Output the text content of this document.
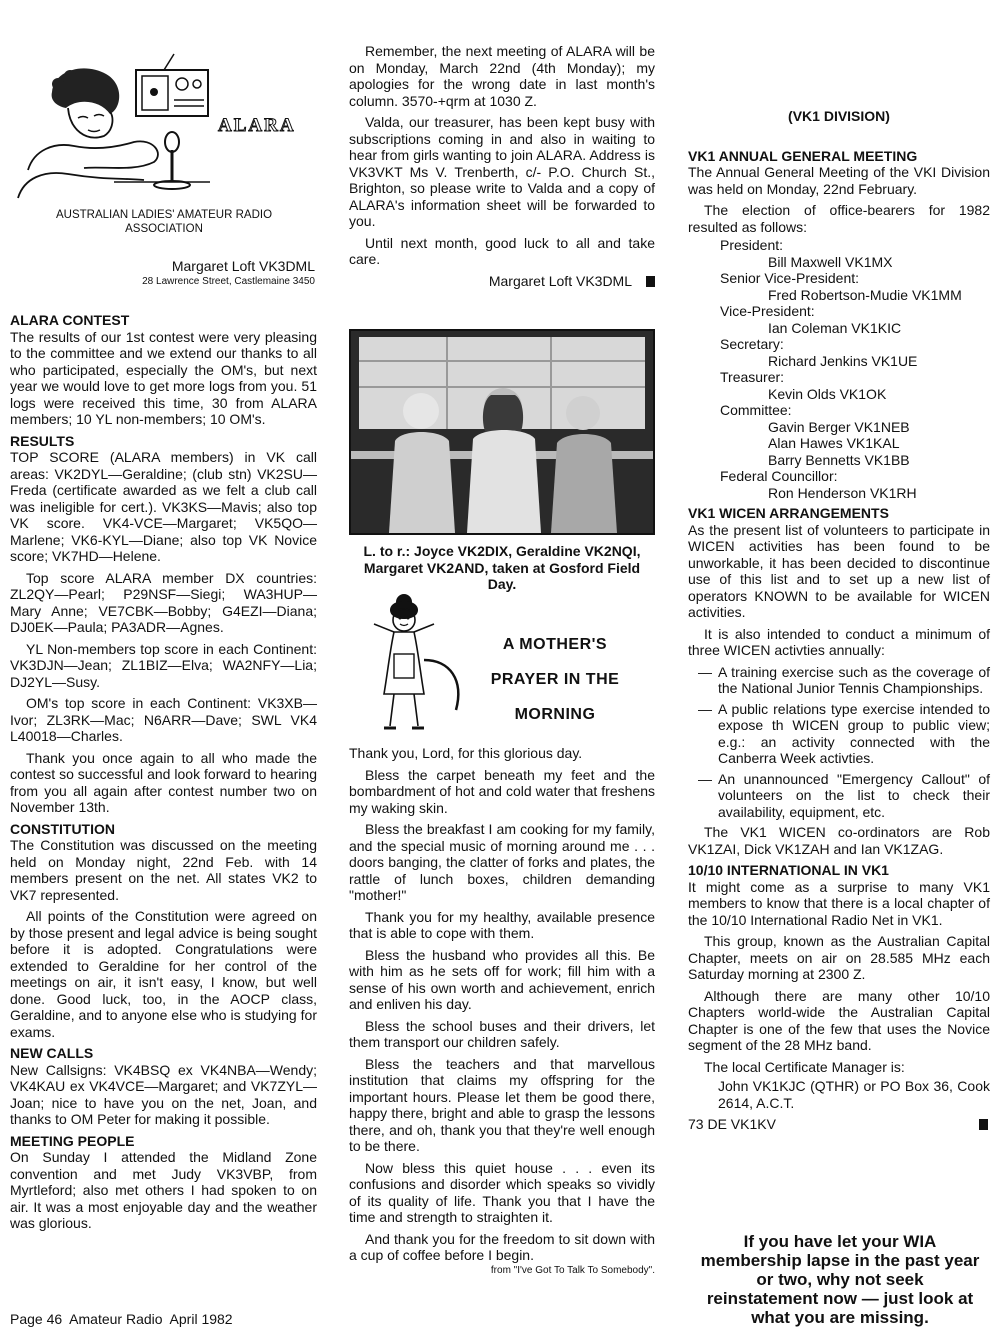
ALARA
AUSTRALIAN LADIES' AMATEUR RADIO ASSOCIATION
Margaret Loft VK3DML
28 Lawrence Street, Castlemaine 3450
ALARA CONTEST

The results of our 1st contest were very pleasing to the committee and we extend our thanks to all who participated, especially the OM's, but next year we would love to get more logs from you. 51 logs were received this time, 30 from ALARA members; 10 YL non-members; 10 OM's.

RESULTS

TOP SCORE (ALARA members) in VK call areas: VK2DYL—Geraldine; (club stn) VK2SU—Freda (certificate awarded as we felt a club call was ineligible for cert.). VK3KS—Mavis; also top VK score. VK4-VCE—Margaret; VK5QO—Marlene; VK6-KYL—Diane; also top VK Novice score; VK7HD—Helene.

Top score ALARA member DX countries: ZL2QY—Pearl; P29NSF—Siegi; WA3HUP—Mary Anne; VE7CBK—Bobby; G4EZI—Diana; DJ0EK—Paula; PA3ADR—Agnes.

YL Non-members top score in each Continent: VK3DJN—Jean; ZL1BIZ—Elva; WA2NFY—Lia; DJ2YL—Susy.

OM's top score in each Continent: VK3XB—Ivor; ZL3RK—Mac; N6ARR—Dave; SWL VK4 L40018—Charles.

Thank you once again to all who made the contest so successful and look forward to hearing from you all again after contest number two on November 13th.

CONSTITUTION

The Constitution was discussed on the meeting held on Monday night, 22nd Feb. with 14 members present on the net. All states VK2 to VK7 represented.

All points of the Constitution were agreed on by those present and legal advice is being sought before it is adopted. Congratulations were extended to Geraldine for her control of the meetings on air, it isn't easy, I know, but well done. Good luck, too, in the AOCP class, Geraldine, and to anyone else who is studying for exams.

NEW CALLS

New Callsigns: VK4BSQ ex VK4NBA—Wendy; VK4KAU ex VK4VCE—Margaret; and VK7ZYL—Joan; nice to have you on the net, Joan, and thanks to OM Peter for making it possible.

MEETING PEOPLE

On Sunday I attended the Midland Zone convention and met Judy VK3VBP, from Myrtleford; also met others I had spoken to on air. It was a most enjoyable day and the weather was glorious.

Remember, the next meeting of ALARA will be on Monday, March 22nd (4th Monday); my apologies for the wrong date in last month's column. 3570-+qrm at 1030 Z.

Valda, our treasurer, has been kept busy with subscriptions coming in and also in waiting to hear from girls wanting to join ALARA. Address is VK3VKT Ms V. Trenberth, c/- P.O. Church St., Brighton, so please write to Valda and a copy of ALARA's information sheet will be forwarded to you.

Until next month, good luck to all and take care.

Margaret Loft VK3DML
L. to r.: Joyce VK2DIX, Geraldine VK2NQI, Margaret VK2AND, taken at Gosford Field Day.
A MOTHER'S
PRAYER IN THE
MORNING

Thank you, Lord, for this glorious day.

Bless the carpet beneath my feet and the bombardment of hot and cold water that freshens my waking skin.

Bless the breakfast I am cooking for my family, and the special music of morning around me . . . doors banging, the clatter of forks and plates, the rattle of lunch boxes, children demanding "mother!"

Thank you for my healthy, available presence that is able to cope with them.

Bless the husband who provides all this. Be with him as he sets off for work; fill him with a sense of his own worth and achievement, enrich and enliven his day.

Bless the school buses and their drivers, let them transport our children safely.

Bless the teachers and that marvellous institution that claims my offspring for the important hours. Please let them be good there, happy there, bright and able to grasp the lessons there, and oh, thank you that they're well enough to be there.

Now bless this quiet house . . . even its confusions and disorder which speaks so vividly of its quality of life. Thank you that I have the time and strength to straighten it.

And thank you for the freedom to sit down with a cup of coffee before I begin.

from "I've Got To Talk To Somebody".
(VK1 DIVISION)
VK1 ANNUAL GENERAL MEETING

The Annual General Meeting of the VKI Division was held on Monday, 22nd February.

The election of office-bearers for 1982 resulted as follows:

President:
Bill Maxwell VK1MX
Senior Vice-President:
Fred Robertson-Mudie VK1MM
Vice-President:
Ian Coleman VK1KIC
Secretary:
Richard Jenkins VK1UE
Treasurer:
Kevin Olds VK1OK
Committee:
Gavin Berger VK1NEB
Alan Hawes VK1KAL
Barry Bennetts VK1BB
Federal Councillor:
Ron Henderson VK1RH
VK1 WICEN ARRANGEMENTS

As the present list of volunteers to participate in WICEN activities has been found to be unworkable, it has been decided to discontinue use of this list and to set up a new list of operators KNOWN to be available for WICEN activities.

It is also intended to conduct a minimum of three WICEN activties annually:

— A training exercise such as the coverage of the National Junior Tennis Championships.
— A public relations type exercise intended to expose th WICEN group to public view; e.g.: an activity connected with the Canberra Week activties.
— An unannounced "Emergency Callout" of volunteers on the list to check their availability, equipment, etc.

The VK1 WICEN co-ordinators are Rob VK1ZAI, Dick VK1ZAH and Ian VK1ZAG.

10/10 INTERNATIONAL IN VK1

It might come as a surprise to many VK1 members to know that there is a local chapter of the 10/10 International Radio Net in VK1.

This group, known as the Australian Capital Chapter, meets on air on 28.585 MHz each Saturday morning at 2300 Z.

Although there are many other 10/10 Chapters world-wide the Australian Capital Chapter is one of the few that uses the Novice segment of the 28 MHz band.

The local Certificate Manager is:

John VK1KJC (QTHR) or PO Box 36, Cook 2614, A.C.T.

73 DE VK1KV
If you have let your WIA membership lapse in the past year or two, why not seek reinstatement now — just look at what you are missing.
Page 46  Amateur Radio  April 1982
